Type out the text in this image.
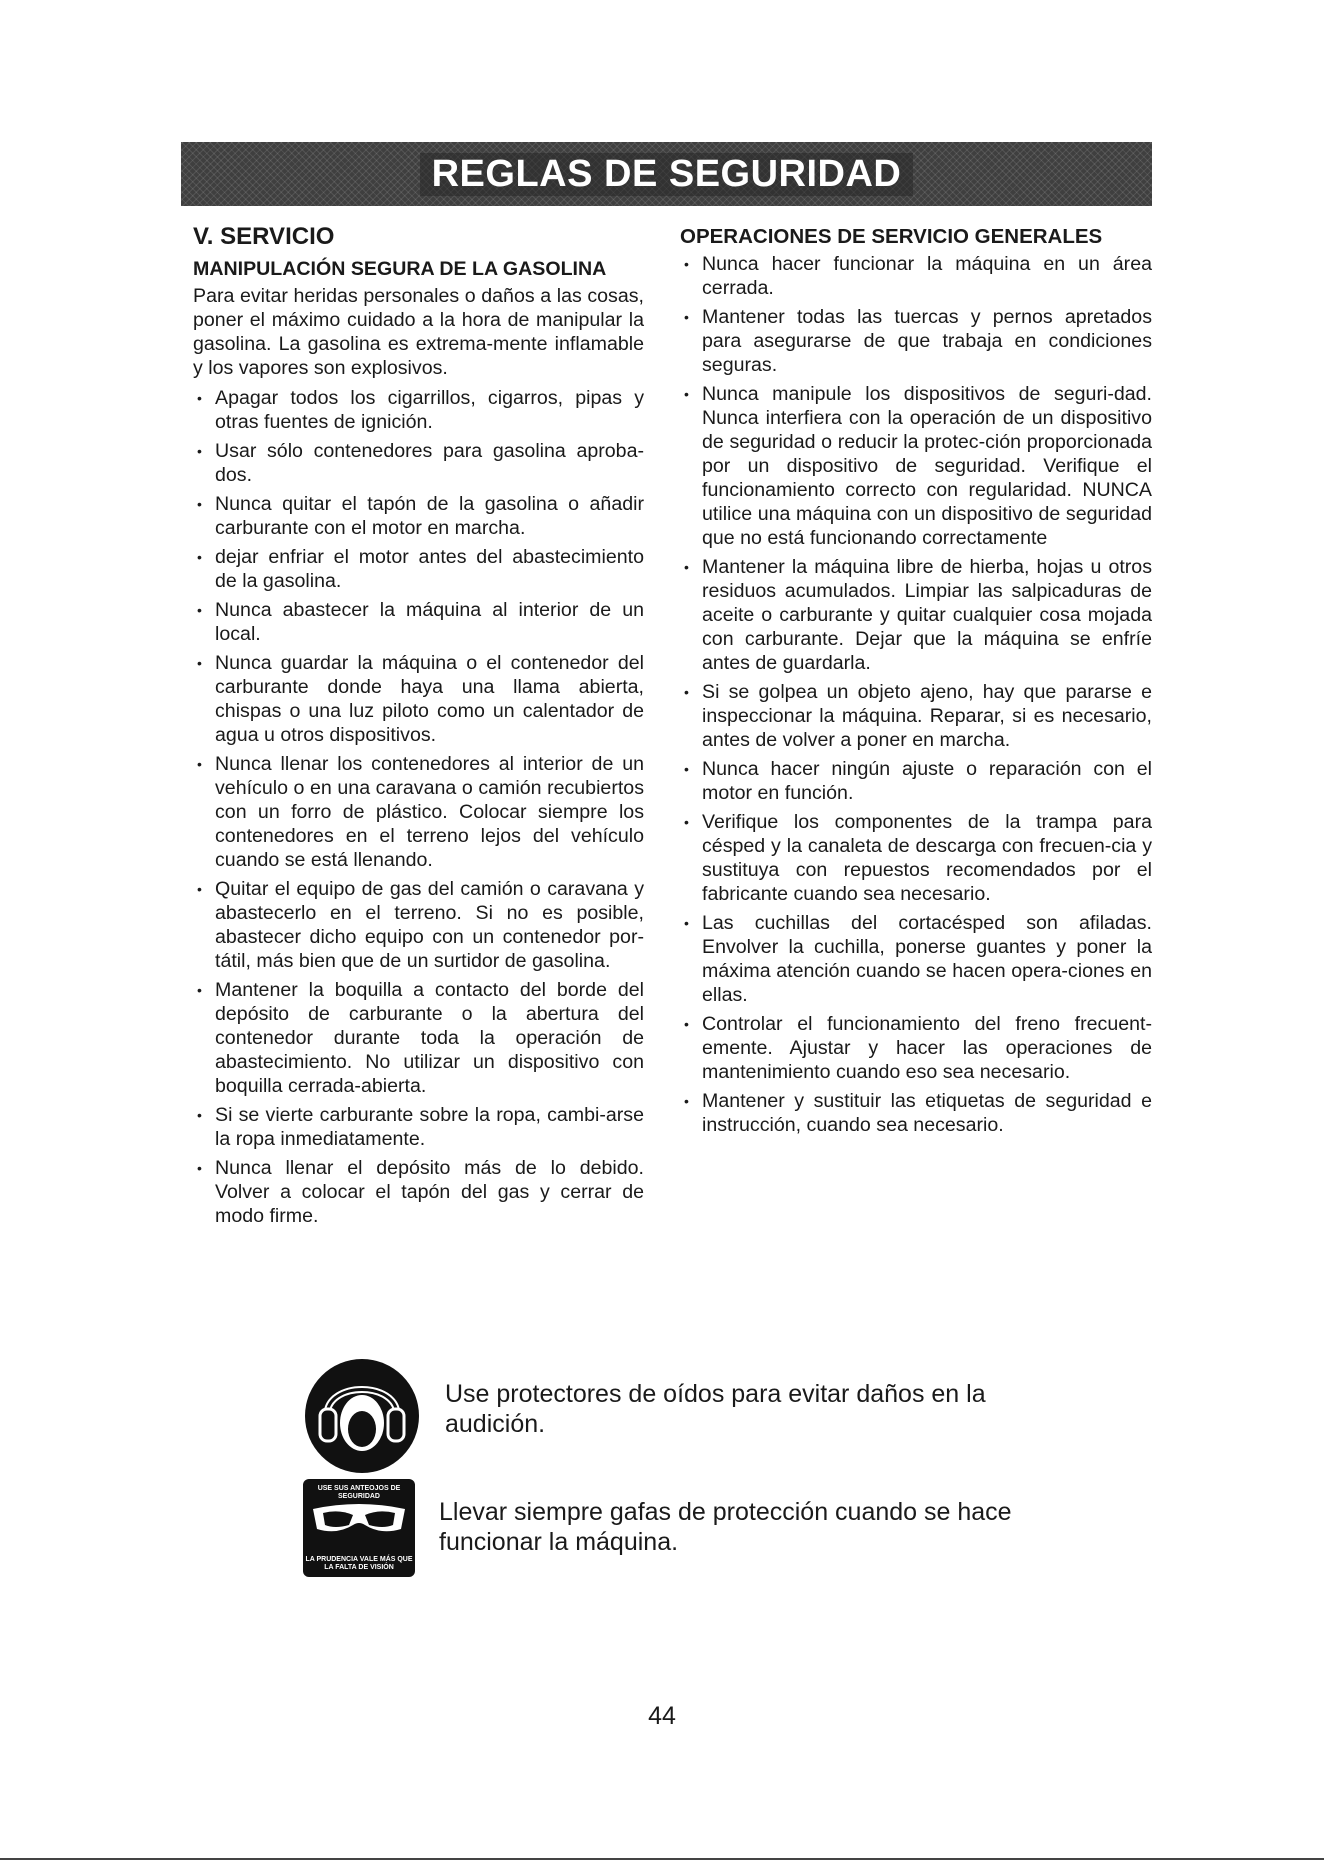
REGLAS DE SEGURIDAD
V. SERVICIO
MANIPULACIÓN SEGURA DE LA GASOLINA

Para evitar heridas personales o daños a las cosas, poner el máximo cuidado a la hora de manipular la gasolina. La gasolina es extrema-mente inflamable y los vapores son explosivos.

• Apagar todos los cigarrillos, cigarros, pipas y otras fuentes de ignición.
• Usar sólo contenedores para gasolina aproba-dos.
• Nunca quitar el tapón de la gasolina o añadir carburante con el motor en marcha.
• dejar enfriar el motor antes del abastecimiento de la gasolina.
• Nunca abastecer la máquina al interior de un local.
• Nunca guardar la máquina o el contenedor del carburante donde haya una llama abierta, chispas o una luz piloto como un calentador de agua u otros dispositivos.
• Nunca llenar los contenedores al interior de un vehículo o en una caravana o camión recubiertos con un forro de plástico. Colocar siempre los contenedores en el terreno lejos del vehículo cuando se está llenando.
• Quitar el equipo de gas del camión o caravana y abastecerlo en el terreno. Si no es posible, abastecer dicho equipo con un contenedor por-tátil, más bien que de un surtidor de gasolina.
• Mantener la boquilla a contacto del borde del depósito de carburante o la abertura del contenedor durante toda la operación de abastecimiento. No utilizar un dispositivo con boquilla cerrada-abierta.
• Si se vierte carburante sobre la ropa, cambi-arse la ropa inmediatamente.
• Nunca llenar el depósito más de lo debido. Volver a colocar el tapón del gas y cerrar de modo firme.
OPERACIONES DE SERVICIO GENERALES
• Nunca hacer funcionar la máquina en un área cerrada.
• Mantener todas las tuercas y pernos apretados para asegurarse de que trabaja en condiciones seguras.
• Nunca manipule los dispositivos de seguri-dad. Nunca interfiera con la operación de un dispositivo de seguridad o reducir la protec-ción proporcionada por un dispositivo de seguridad. Verifique el funcionamiento correcto con regularidad. NUNCA utilice una máquina con un dispositivo de seguridad que no está funcionando correctamente
• Mantener la máquina libre de hierba, hojas u otros residuos acumulados. Limpiar las salpicaduras de aceite o carburante y quitar cualquier cosa mojada con carburante. Dejar que la máquina se enfríe antes de guardarla.
• Si se golpea un objeto ajeno, hay que pararse e inspeccionar la máquina. Reparar, si es necesario, antes de volver a poner en marcha.
• Nunca hacer ningún ajuste o reparación con el motor en función.
• Verifique los componentes de la trampa para césped y la canaleta de descarga con frecuen-cia y sustituya con repuestos recomendados por el fabricante cuando sea necesario.
• Las cuchillas del cortacésped son afiladas. Envolver la cuchilla, ponerse guantes y poner la máxima atención cuando se hacen opera-ciones en ellas.
• Controlar el funcionamiento del freno frecuent-emente. Ajustar y hacer las operaciones de mantenimiento cuando eso sea necesario.
• Mantener y sustituir las etiquetas de seguridad e instrucción, cuando sea necesario.
Use protectores de oídos para evitar daños en la audición.
USE SUS ANTEOJOS DE SEGURIDAD
LA PRUDENCIA VALE MÁS QUE LA FALTA DE VISIÓN
Llevar siempre gafas de protección cuando se hace funcionar la máquina.
44
